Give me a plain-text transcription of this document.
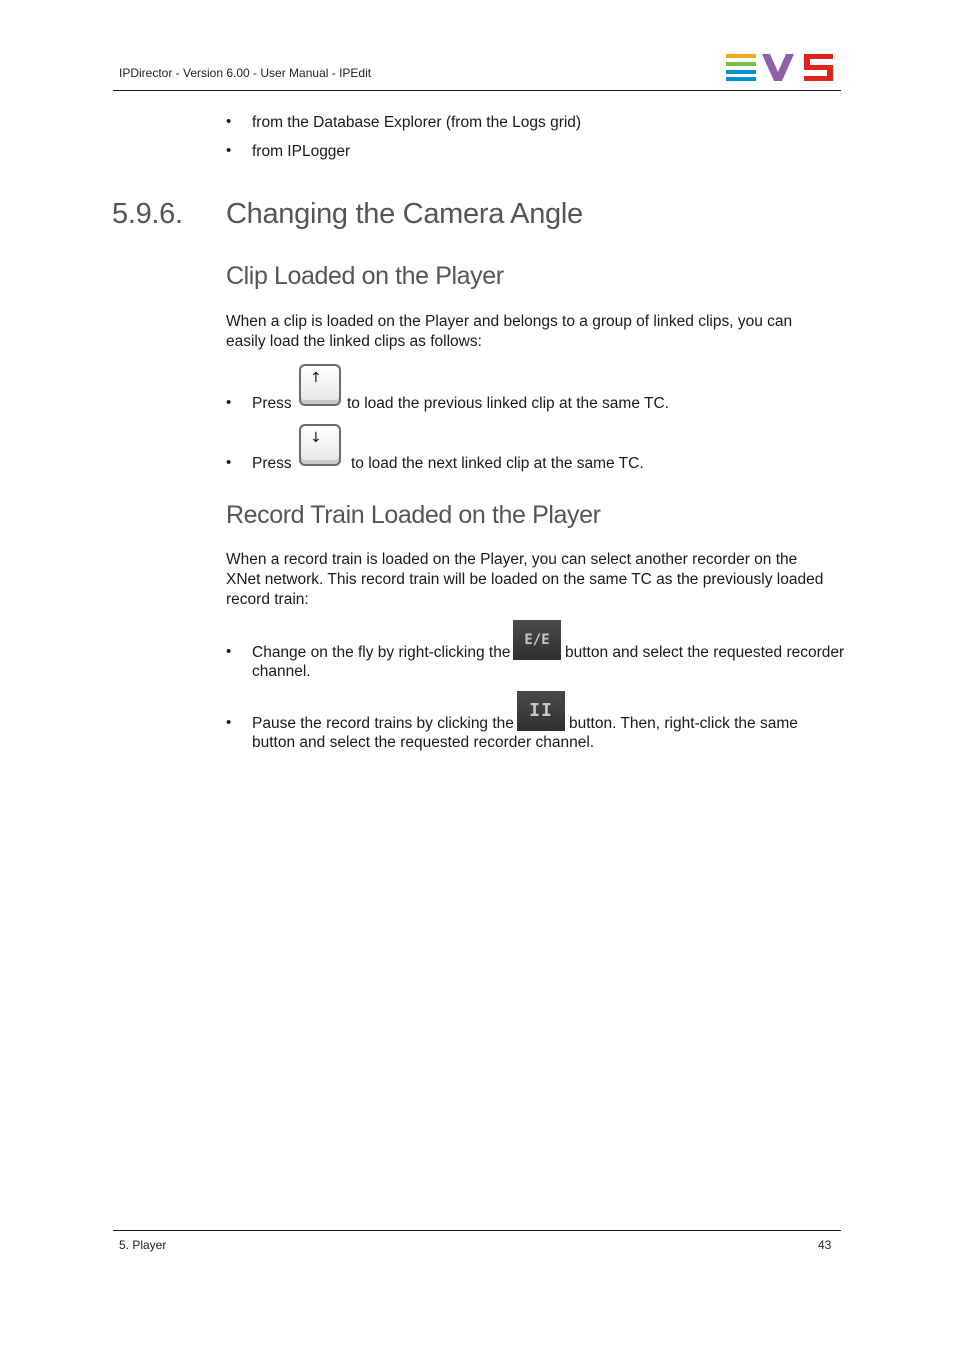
IPDirector - Version 6.00 - User Manual - IPEdit
• from the Database Explorer (from the Logs grid)
• from IPLogger
5.9.6. Changing the Camera Angle
Clip Loaded on the Player
When a clip is loaded on the Player and belongs to a group of linked clips, you can easily load the linked clips as follows:
• Press
↑
to load the previous linked clip at the same TC.
• Press
↓
to load the next linked clip at the same TC.
Record Train Loaded on the Player
When a record train is loaded on the Player, you can select another recorder on the XNet network. This record train will be loaded on the same TC as the previously loaded record train:
• Change on the fly by right-clicking the
E/E
button and select the requested recorder
channel.
• Pause the record trains by clicking the
II
button. Then, right-click the same
button and select the requested recorder channel.
5. Player	43
